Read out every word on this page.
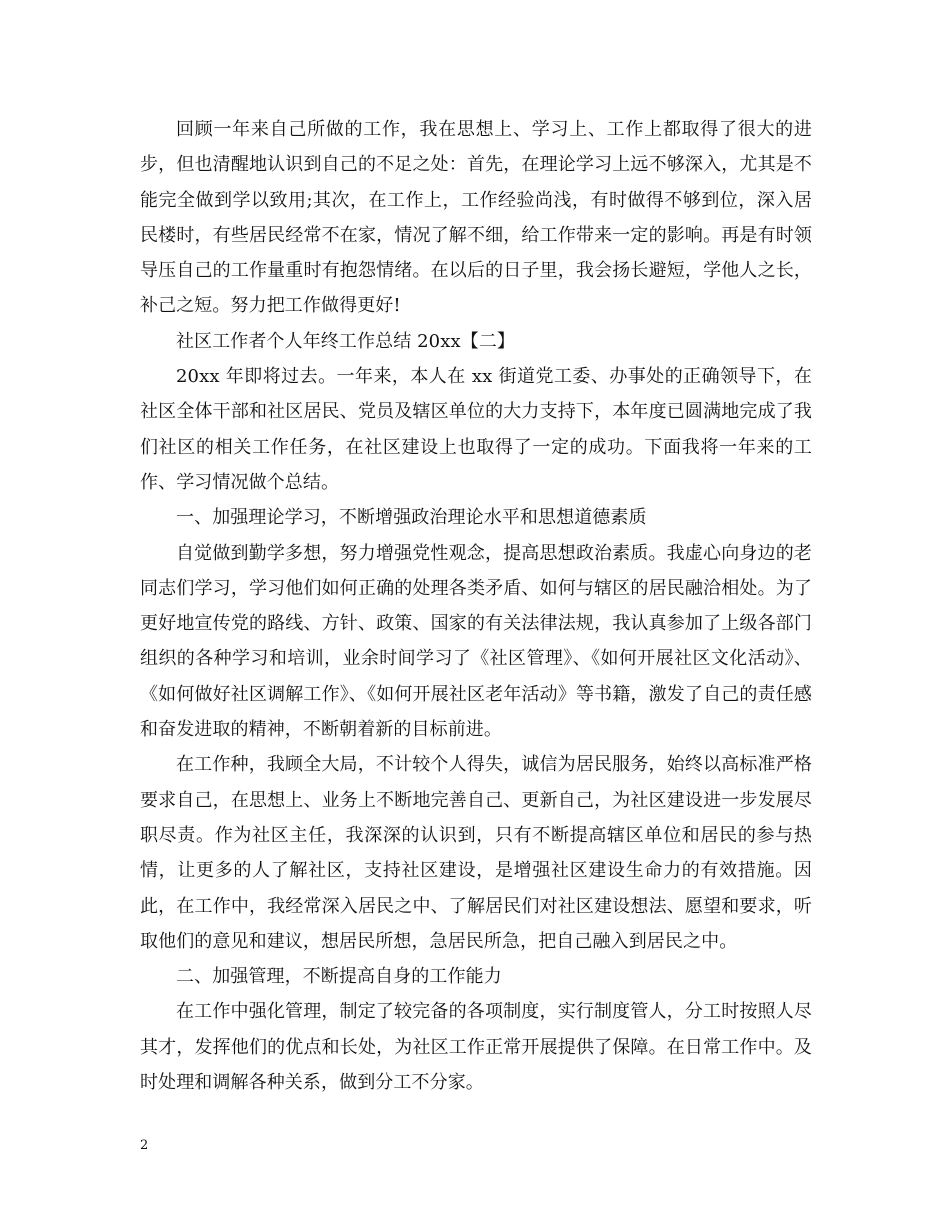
回顾一年来自己所做的工作，我在思想上、学习上、工作上都取得了很大的进步，但也清醒地认识到自己的不足之处：首先，在理论学习上远不够深入，尤其是不能完全做到学以致用;其次，在工作上，工作经验尚浅，有时做得不够到位，深入居民楼时，有些居民经常不在家，情况了解不细，给工作带来一定的影响。再是有时领导压自己的工作量重时有抱怨情绪。在以后的日子里，我会扬长避短，学他人之长，补己之短。努力把工作做得更好!

社区工作者个人年终工作总结 20xx【二】

20xx 年即将过去。一年来，本人在 xx 街道党工委、办事处的正确领导下，在社区全体干部和社区居民、党员及辖区单位的大力支持下，本年度已圆满地完成了我们社区的相关工作任务，在社区建设上也取得了一定的成功。下面我将一年来的工作、学习情况做个总结。

一、加强理论学习，不断增强政治理论水平和思想道德素质

自觉做到勤学多想，努力增强党性观念，提高思想政治素质。我虚心向身边的老同志们学习，学习他们如何正确的处理各类矛盾、如何与辖区的居民融洽相处。为了更好地宣传党的路线、方针、政策、国家的有关法律法规，我认真参加了上级各部门组织的各种学习和培训，业余时间学习了《社区管理》、《如何开展社区文化活动》、《如何做好社区调解工作》、《如何开展社区老年活动》等书籍，激发了自己的责任感和奋发进取的精神，不断朝着新的目标前进。

在工作种，我顾全大局，不计较个人得失，诚信为居民服务，始终以高标准严格要求自己，在思想上、业务上不断地完善自己、更新自己，为社区建设进一步发展尽职尽责。作为社区主任，我深深的认识到，只有不断提高辖区单位和居民的参与热情，让更多的人了解社区，支持社区建设，是增强社区建设生命力的有效措施。因此，在工作中，我经常深入居民之中、了解居民们对社区建设想法、愿望和要求，听取他们的意见和建议，想居民所想，急居民所急，把自己融入到居民之中。

二、加强管理，不断提高自身的工作能力

在工作中强化管理，制定了较完备的各项制度，实行制度管人，分工时按照人尽其才，发挥他们的优点和长处，为社区工作正常开展提供了保障。在日常工作中。及时处理和调解各种关系，做到分工不分家。

2
